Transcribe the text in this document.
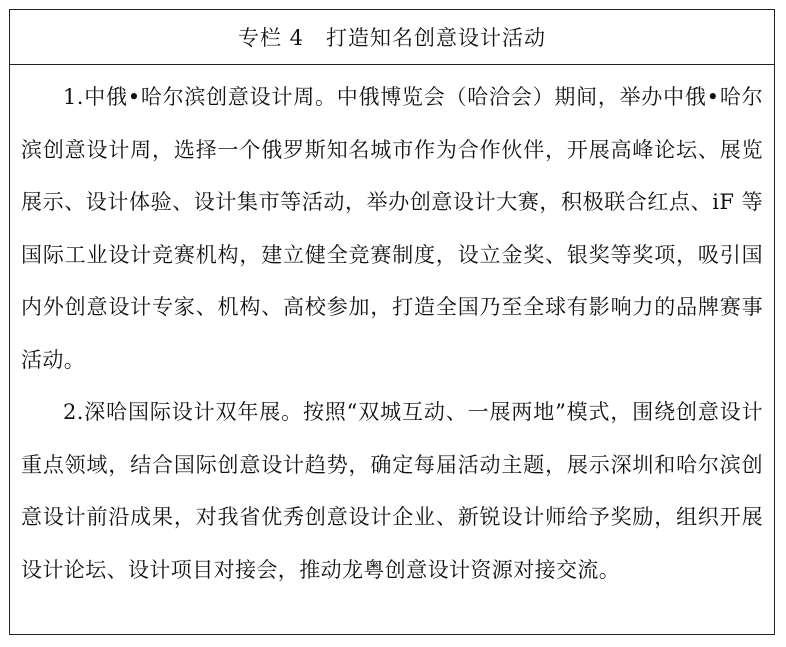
专栏 4 打造知名创意设计活动

1.中俄•哈尔滨创意设计周。中俄博览会（哈洽会）期间，举办中俄•哈尔滨创意设计周，选择一个俄罗斯知名城市作为合作伙伴，开展高峰论坛、展览展示、设计体验、设计集市等活动，举办创意设计大赛，积极联合红点、iF 等国际工业设计竞赛机构，建立健全竞赛制度，设立金奖、银奖等奖项，吸引国内外创意设计专家、机构、高校参加，打造全国乃至全球有影响力的品牌赛事活动。

2.深哈国际设计双年展。按照“双城互动、一展两地”模式，围绕创意设计重点领域，结合国际创意设计趋势，确定每届活动主题，展示深圳和哈尔滨创意设计前沿成果，对我省优秀创意设计企业、新锐设计师给予奖励，组织开展设计论坛、设计项目对接会，推动龙粤创意设计资源对接交流。
